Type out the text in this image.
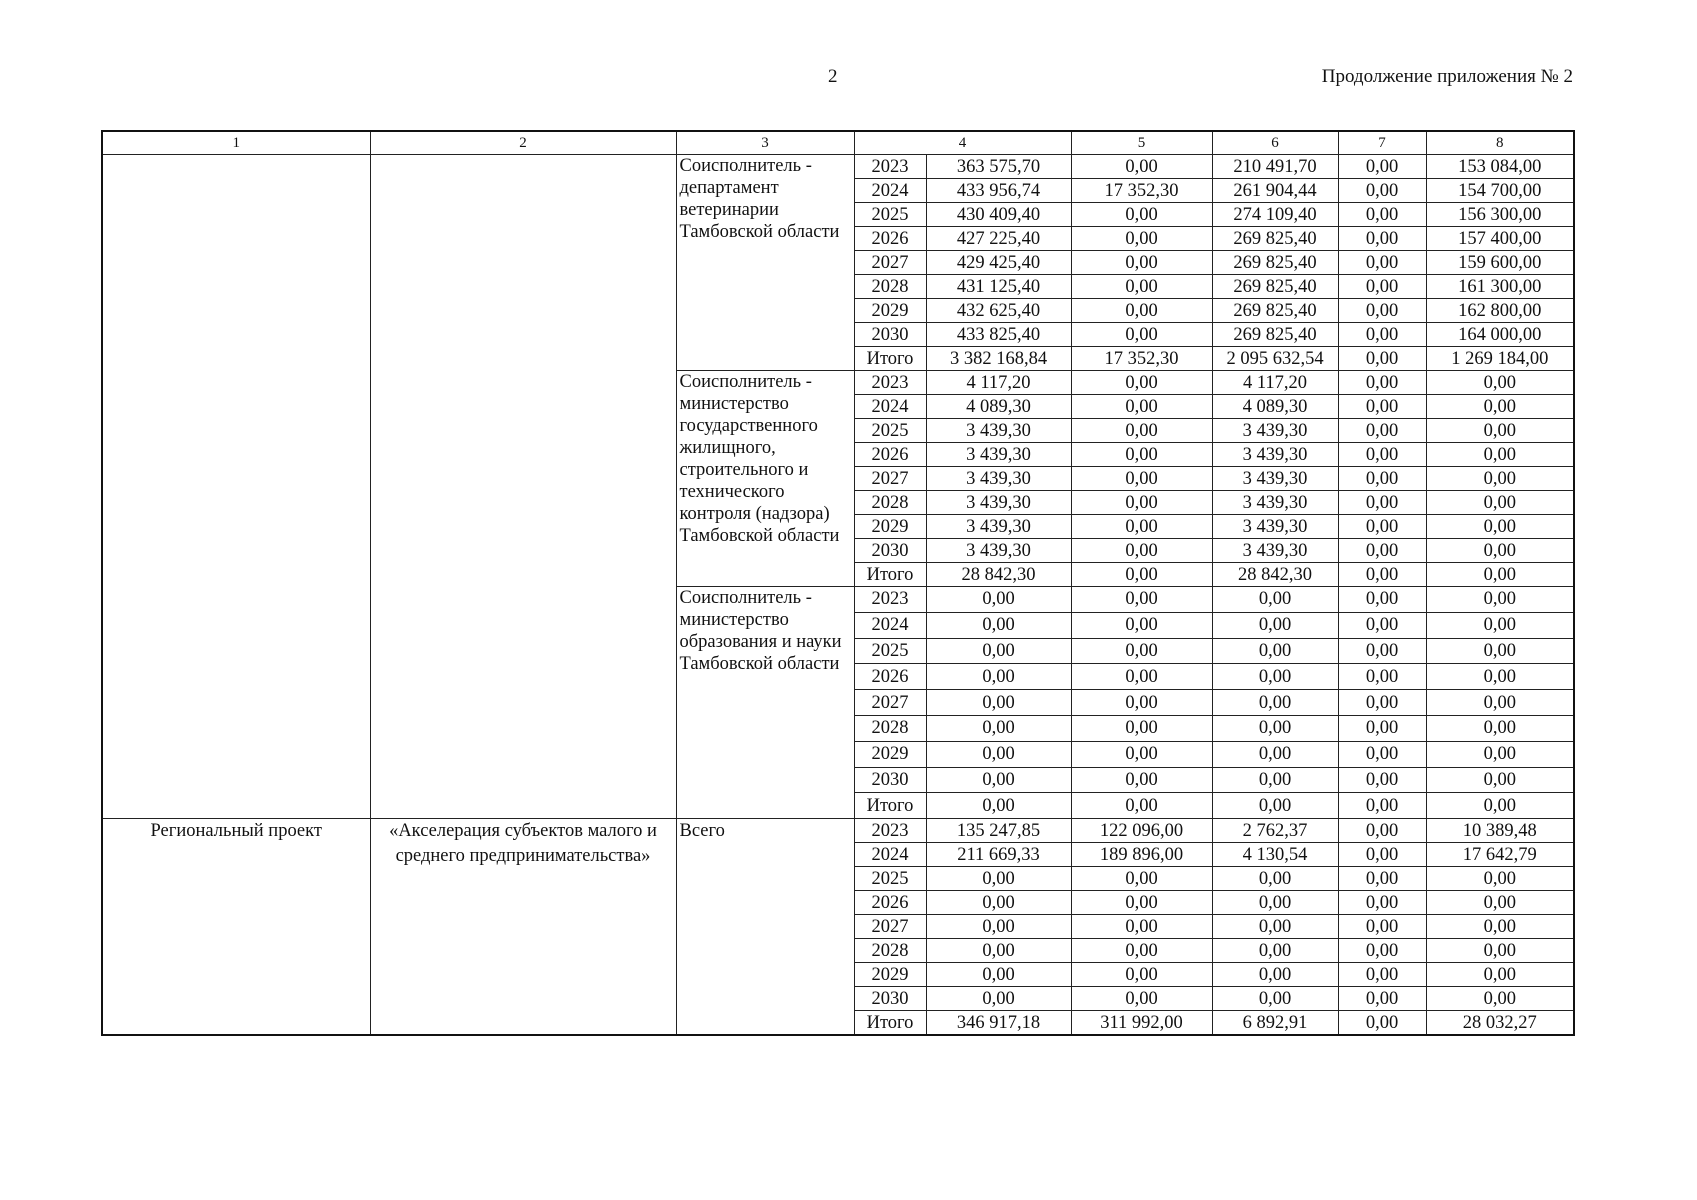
2	Продолжение приложения № 2
1	2	3	4		5	6	7	8
		Соисполнитель - департамент ветеринарии Тамбовской области	2023	363 575,70	0,00	210 491,70	0,00	153 084,00
			2024	433 956,74	17 352,30	261 904,44	0,00	154 700,00
			2025	430 409,40	0,00	274 109,40	0,00	156 300,00
			2026	427 225,40	0,00	269 825,40	0,00	157 400,00
			2027	429 425,40	0,00	269 825,40	0,00	159 600,00
			2028	431 125,40	0,00	269 825,40	0,00	161 300,00
			2029	432 625,40	0,00	269 825,40	0,00	162 800,00
			2030	433 825,40	0,00	269 825,40	0,00	164 000,00
			Итого	3 382 168,84	17 352,30	2 095 632,54	0,00	1 269 184,00
		Соисполнитель - министерство государственного жилищного, строительного и технического контроля (надзора) Тамбовской области	2023	4 117,20	0,00	4 117,20	0,00	0,00
			2024	4 089,30	0,00	4 089,30	0,00	0,00
			2025	3 439,30	0,00	3 439,30	0,00	0,00
			2026	3 439,30	0,00	3 439,30	0,00	0,00
			2027	3 439,30	0,00	3 439,30	0,00	0,00
			2028	3 439,30	0,00	3 439,30	0,00	0,00
			2029	3 439,30	0,00	3 439,30	0,00	0,00
			2030	3 439,30	0,00	3 439,30	0,00	0,00
			Итого	28 842,30	0,00	28 842,30	0,00	0,00
		Соисполнитель - министерство образования и науки Тамбовской области	2023	0,00	0,00	0,00	0,00	0,00
			2024	0,00	0,00	0,00	0,00	0,00
			2025	0,00	0,00	0,00	0,00	0,00
			2026	0,00	0,00	0,00	0,00	0,00
			2027	0,00	0,00	0,00	0,00	0,00
			2028	0,00	0,00	0,00	0,00	0,00
			2029	0,00	0,00	0,00	0,00	0,00
			2030	0,00	0,00	0,00	0,00	0,00
			Итого	0,00	0,00	0,00	0,00	0,00
Региональный проект	«Акселерация субъектов малого и среднего предпринимательства»	Всего	2023	135 247,85	122 096,00	2 762,37	0,00	10 389,48
			2024	211 669,33	189 896,00	4 130,54	0,00	17 642,79
			2025	0,00	0,00	0,00	0,00	0,00
			2026	0,00	0,00	0,00	0,00	0,00
			2027	0,00	0,00	0,00	0,00	0,00
			2028	0,00	0,00	0,00	0,00	0,00
			2029	0,00	0,00	0,00	0,00	0,00
			2030	0,00	0,00	0,00	0,00	0,00
			Итого	346 917,18	311 992,00	6 892,91	0,00	28 032,27
